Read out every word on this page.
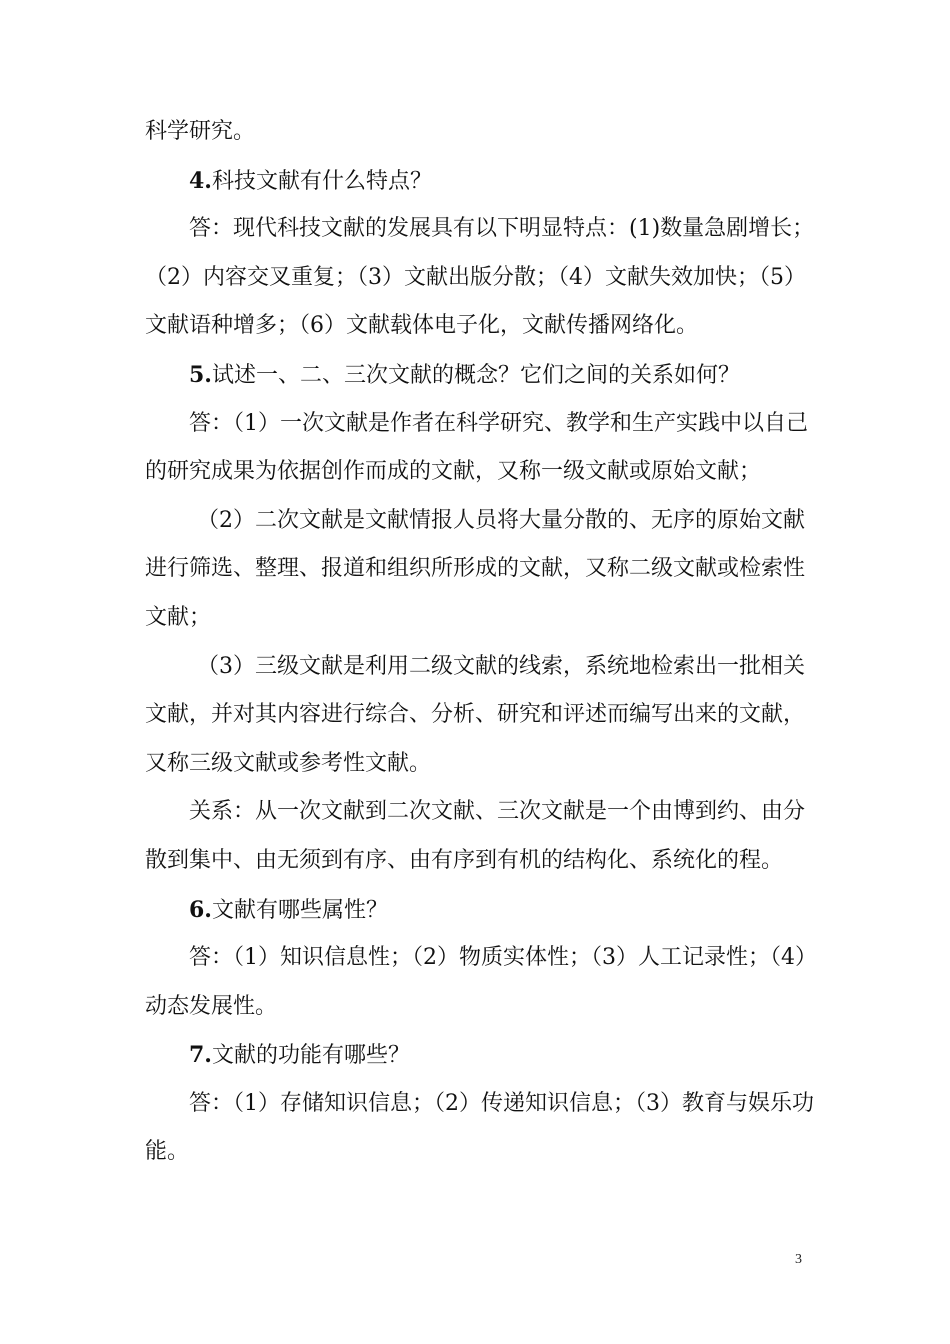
科学研究。
4.科技文献有什么特点？
答：现代科技文献的发展具有以下明显特点：(1)数量急剧增长；
（2）内容交叉重复；（3）文献出版分散；（4）文献失效加快；（5）
文献语种增多；（6）文献载体电子化，文献传播网络化。
5.试述一、二、三次文献的概念？它们之间的关系如何？
答：（1）一次文献是作者在科学研究、教学和生产实践中以自己
的研究成果为依据创作而成的文献，又称一级文献或原始文献；
（2）二次文献是文献情报人员将大量分散的、无序的原始文献
进行筛选、整理、报道和组织所形成的文献，又称二级文献或检索性
文献；
（3）三级文献是利用二级文献的线索，系统地检索出一批相关
文献，并对其内容进行综合、分析、研究和评述而编写出来的文献，
又称三级文献或参考性文献。
关系：从一次文献到二次文献、三次文献是一个由博到约、由分
散到集中、由无须到有序、由有序到有机的结构化、系统化的程。
6.文献有哪些属性？
答：（1）知识信息性；（2）物质实体性；（3）人工记录性；（4）
动态发展性。
7.文献的功能有哪些？
答：（1）存储知识信息；（2）传递知识信息；（3）教育与娱乐功
能。
3
